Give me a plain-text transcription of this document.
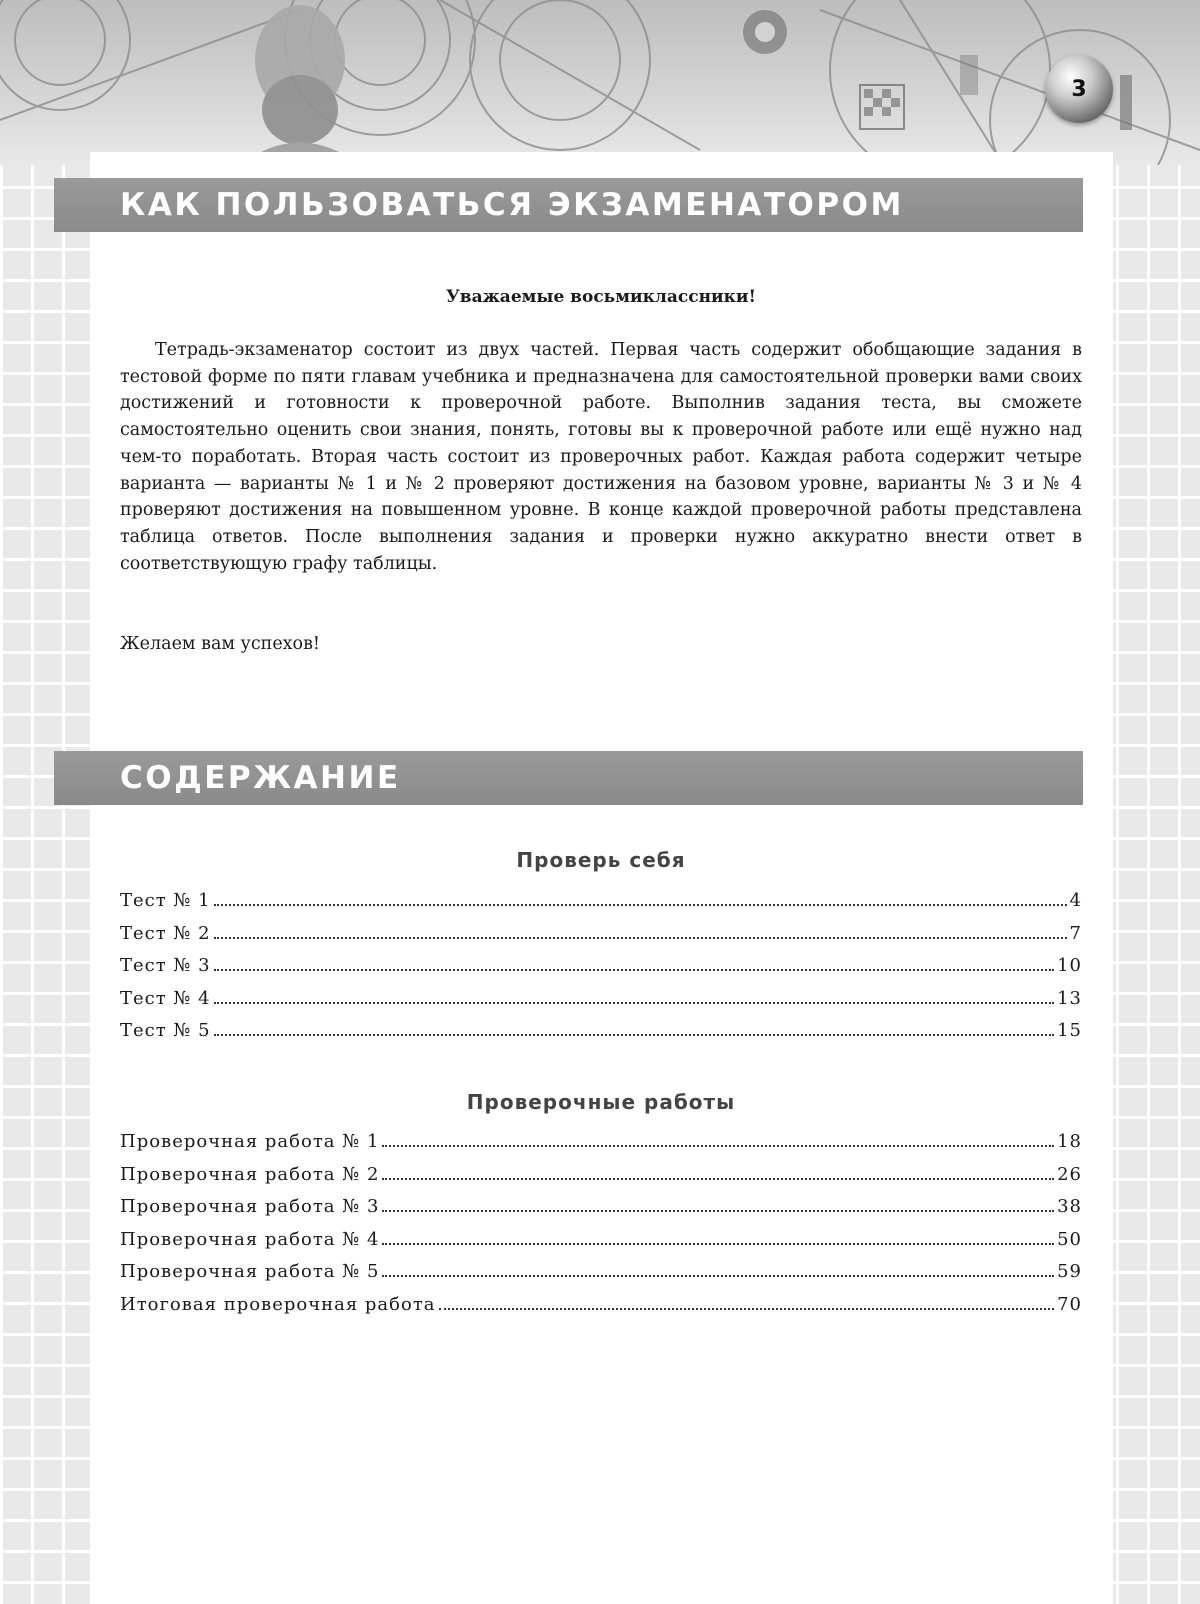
3
КАК ПОЛЬЗОВАТЬСЯ ЭКЗАМЕНАТОРОМ
Уважаемые восьмиклассники!

Тетрадь-экзаменатор состоит из двух частей. Первая часть содержит обобщающие задания в тестовой форме по пяти главам учебника и предназначена для самостоятельной проверки вами своих достижений и готовности к проверочной работе. Выполнив задания теста, вы сможете самостоятельно оценить свои знания, понять, готовы вы к проверочной работе или ещё нужно над чем-то поработать. Вторая часть состоит из проверочных работ. Каждая работа содержит четыре варианта — варианты № 1 и № 2 проверяют достижения на базовом уровне, варианты № 3 и № 4 проверяют достижения на повышенном уровне. В конце каждой проверочной работы представлена таблица ответов. После выполнения задания и проверки нужно аккуратно внести ответ в соответствующую графу таблицы.

Желаем вам успехов!
СОДЕРЖАНИЕ
Проверь себя
Тест № 1	4
Тест № 2	7
Тест № 3	10
Тест № 4	13
Тест № 5	15
Проверочные работы
Проверочная работа № 1	18
Проверочная работа № 2	26
Проверочная работа № 3	38
Проверочная работа № 4	50
Проверочная работа № 5	59
Итоговая проверочная работа	70
